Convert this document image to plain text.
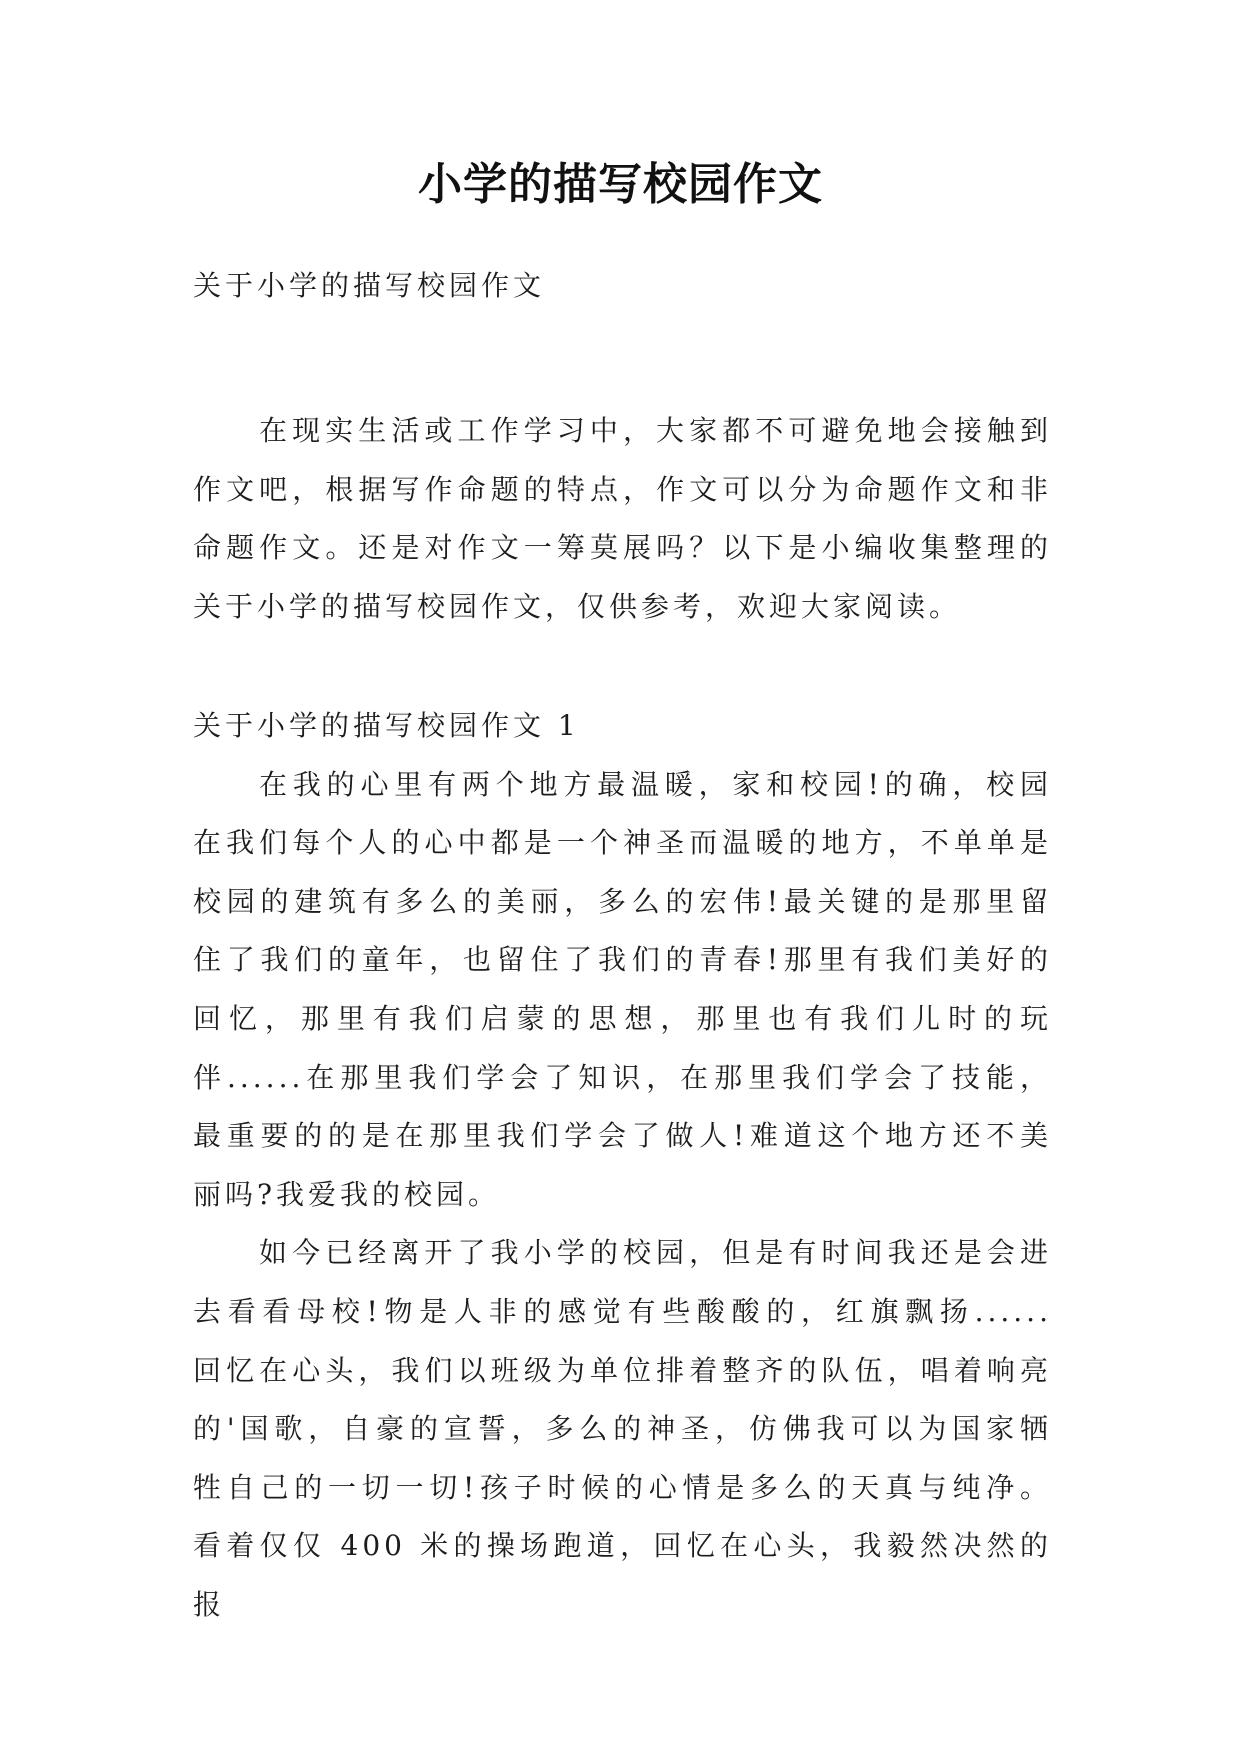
小学的描写校园作文
关于小学的描写校园作文
在现实生活或工作学习中，大家都不可避免地会接触到
作文吧，根据写作命题的特点，作文可以分为命题作文和非
命题作文。还是对作文一筹莫展吗？以下是小编收集整理的
关于小学的描写校园作文，仅供参考，欢迎大家阅读。
关于小学的描写校园作文 1
在我的心里有两个地方最温暖，家和校园!的确，校园
在我们每个人的心中都是一个神圣而温暖的地方，不单单是
校园的建筑有多么的美丽，多么的宏伟!最关键的是那里留
住了我们的童年，也留住了我们的青春!那里有我们美好的
回忆，那里有我们启蒙的思想，那里也有我们儿时的玩
伴......在那里我们学会了知识，在那里我们学会了技能，
最重要的的是在那里我们学会了做人!难道这个地方还不美
丽吗?我爱我的校园。
如今已经离开了我小学的校园，但是有时间我还是会进
去看看母校!物是人非的感觉有些酸酸的，红旗飘扬......
回忆在心头，我们以班级为单位排着整齐的队伍，唱着响亮
的'国歌，自豪的宣誓，多么的神圣，仿佛我可以为国家牺
牲自己的一切一切!孩子时候的心情是多么的天真与纯净。
看着仅仅 400 米的操场跑道，回忆在心头，我毅然决然的报
